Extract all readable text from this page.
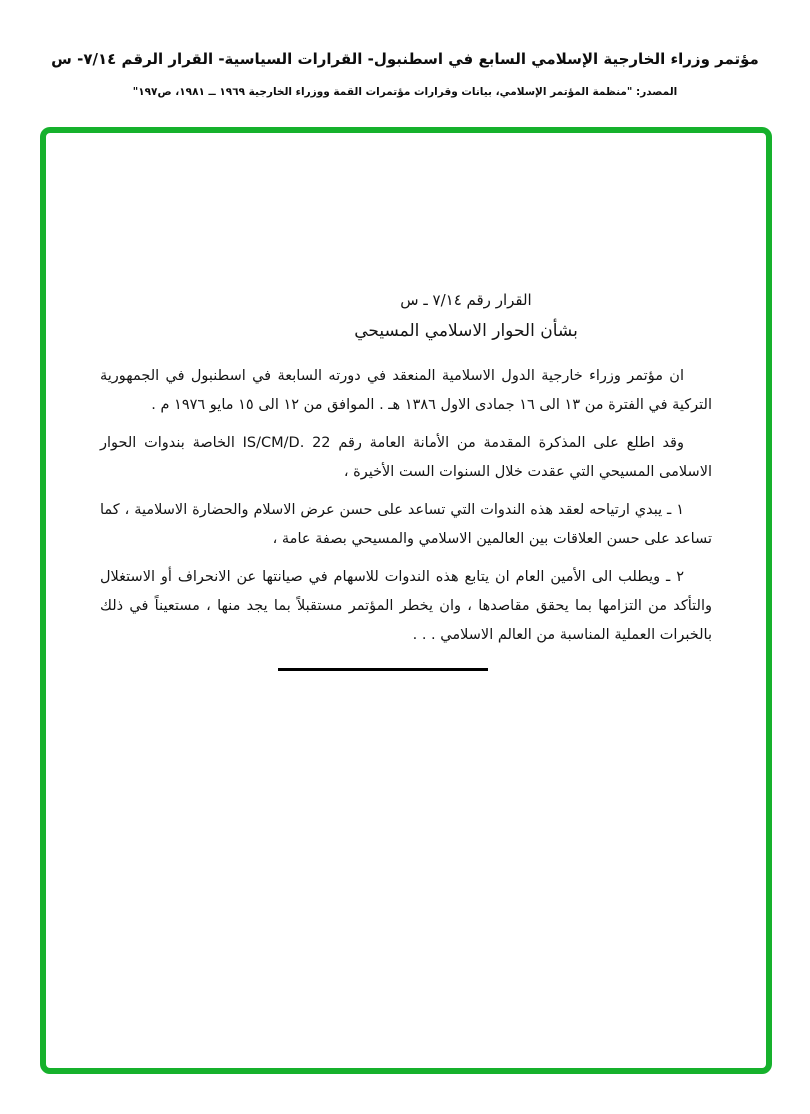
مؤتمر وزراء الخارجية الإسلامي السابع في اسطنبول- القرارات السياسية- القرار الرقم ٧/١٤- س
المصدر: "منظمة المؤتمر الإسلامي، بيانات وقرارات مؤتمرات القمة ووزراء الخارجية ١٩٦٩ ــ ١٩٨١، ص١٩٧"
القرار رقم ٧/١٤ ـ س
بشأن الحوار الاسلامي المسيحي

ان مؤتمر وزراء خارجية الدول الاسلامية المنعقد في دورته السابعة في اسطنبول في الجمهورية التركية في الفترة من ١٣ الى ١٦ جمادى الاول ١٣٨٦ هـ . الموافق من ١٢ الى ١٥ مايو ١٩٧٦ م .

وقد اطلع على المذكرة المقدمة من الأمانة العامة رقم IS/CM/D. 22 الخاصة بندوات الحوار الاسلامى المسيحي التي عقدت خلال السنوات الست الأخيرة ،

١ ـ يبدي ارتياحه لعقد هذه الندوات التي تساعد على حسن عرض الاسلام والحضارة الاسلامية ، كما تساعد على حسن العلاقات بين العالمين الاسلامي والمسيحي بصفة عامة ،

٢ ـ ويطلب الى الأمين العام ان يتابع هذه الندوات للاسهام في صيانتها عن الانحراف أو الاستغلال والتأكد من التزامها بما يحقق مقاصدها ، وان يخطر المؤتمر مستقبلاً بما يجد منها ، مستعيناً في ذلك بالخبرات العملية المناسبة من العالم الاسلامي . . .
